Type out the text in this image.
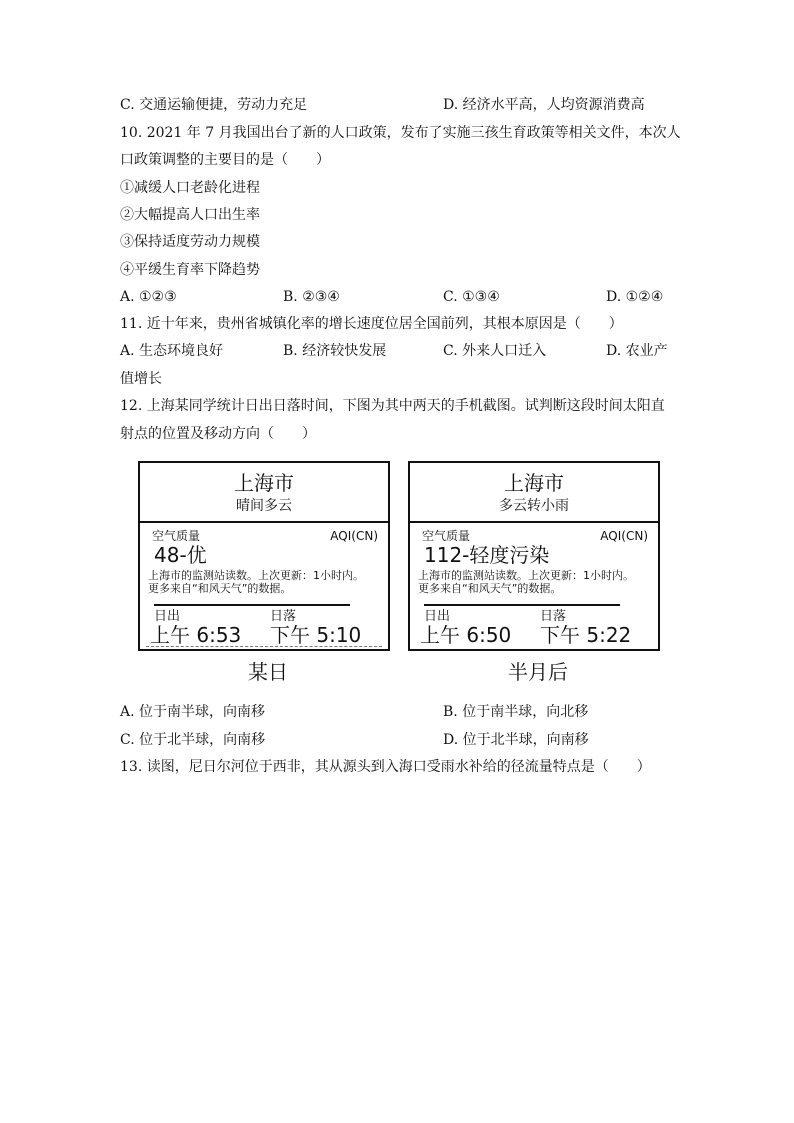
C. 交通运输便捷，劳动力充足	D. 经济水平高，人均资源消费高
10. 2021 年 7 月我国出台了新的人口政策，发布了实施三孩生育政策等相关文件，本次人
口政策调整的主要目的是（　　）
①减缓人口老龄化进程
②大幅提高人口出生率
③保持适度劳动力规模
④平缓生育率下降趋势
A. ①②③	B. ②③④	C. ①③④	D. ①②④
11. 近十年来，贵州省城镇化率的增长速度位居全国前列，其根本原因是（　　）
A. 生态环境良好	B. 经济较快发展	C. 外来人口迁入	D. 农业产
值增长
12. 上海某同学统计日出日落时间，下图为其中两天的手机截图。试判断这段时间太阳直
射点的位置及移动方向（　　）
上海市
晴间多云
空气质量	AQI(CN)
48-优
上海市的监测站读数。上次更新：1小时内。
更多来自“和风天气”的数据。
日出	日落
上午 6:53 下午 5:10
某日
上海市
多云转小雨
空气质量	AQI(CN)
112-轻度污染
上海市的监测站读数。上次更新：1小时内。
更多来自“和风天气”的数据。
日出	日落
上午 6:50 下午 5:22
半月后
A. 位于南半球，向南移	B. 位于南半球，向北移
C. 位于北半球，向南移	D. 位于北半球，向南移
13. 读图，尼日尔河位于西非，其从源头到入海口受雨水补给的径流量特点是（　　）
